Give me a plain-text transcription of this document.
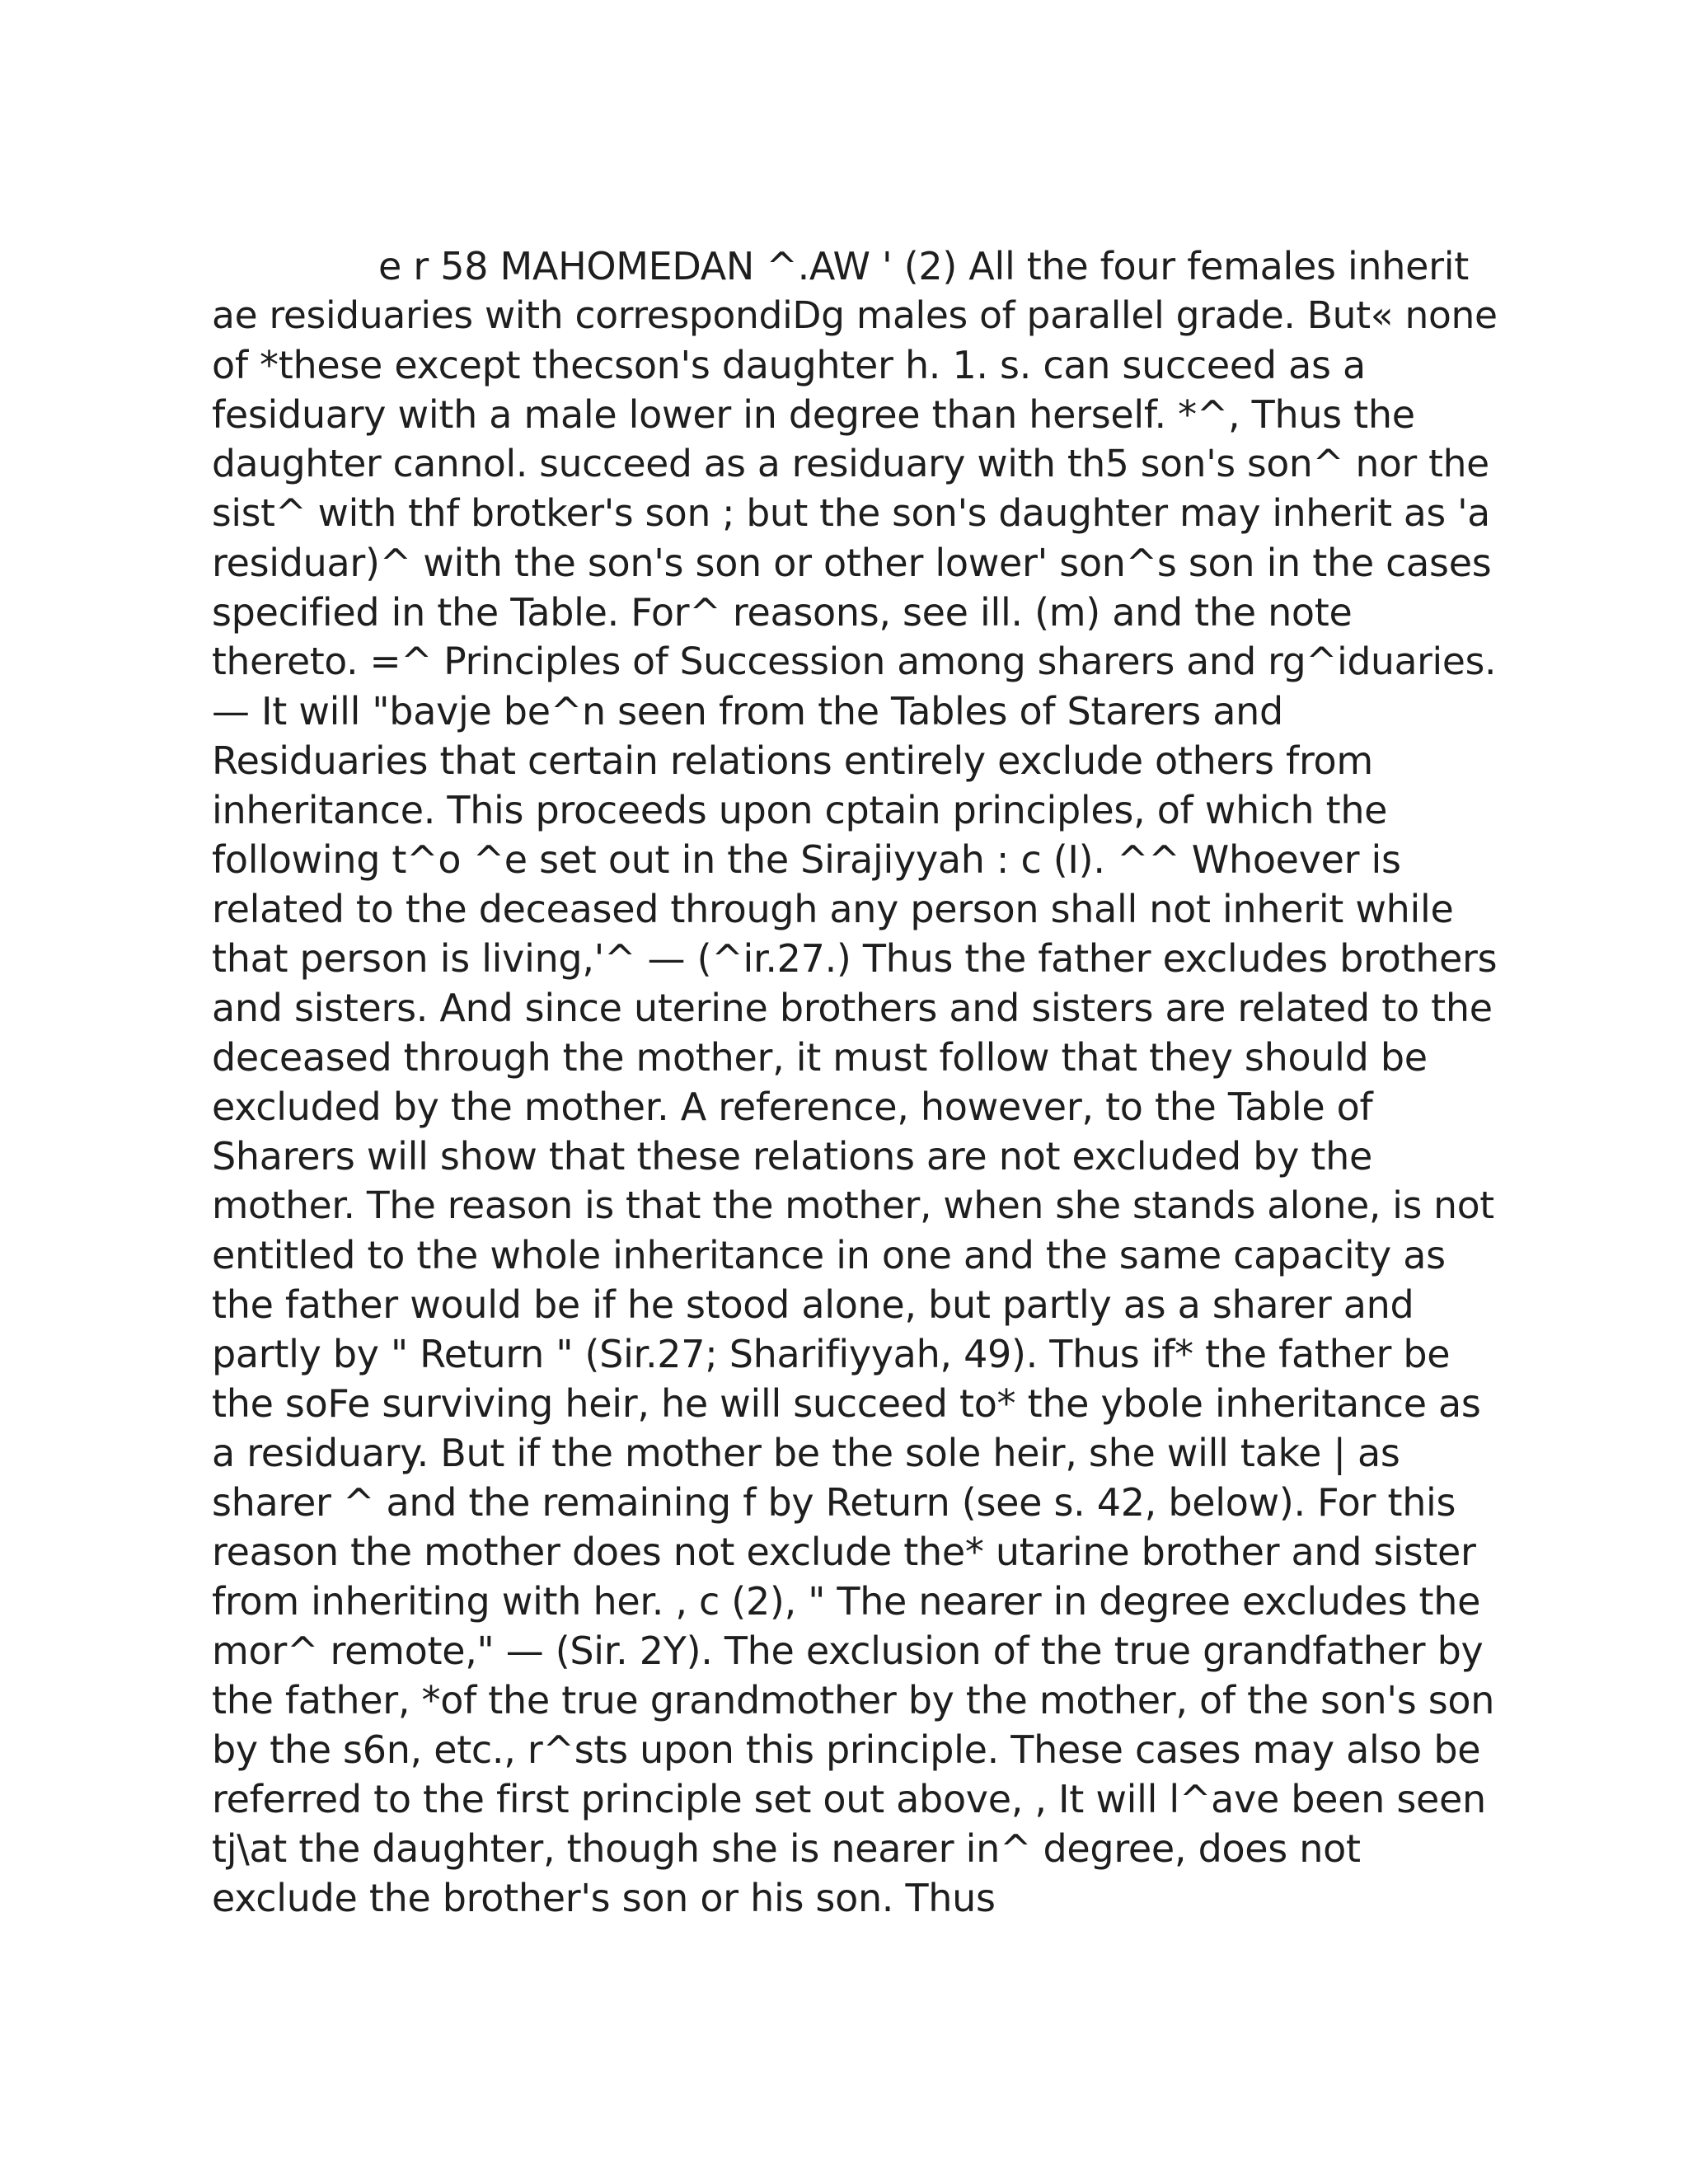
e r 58 MAHOMEDAN ^.AW ' (2) All the four females inherit
ae residuaries with correspondiDg males of parallel grade. But« none
of *these except thecson's daughter h. 1. s. can succeed as a
fesiduary with a male lower in degree than herself. *^, Thus the
daughter cannol. succeed as a residuary with th5 son's son^ nor the
sist^ with thf brotker's son ; but the son's daughter may inherit as 'a
residuar)^ with the son's son or other lower' son^s son in the cases
specified in the Table. For^ reasons, see ill. (m) and the note
thereto. =^ Principles of Succession among sharers and rg^iduaries.
— It will "bavje be^n seen from the Tables of Starers and
Residuaries that certain relations entirely exclude others from
inheritance. This proceeds upon cptain principles, of which the
following t^o ^e set out in the Sirajiyyah : c (I). ^^ Whoever is
related to the deceased through any person shall not inherit while
that person is living,'^ — (^ir.27.) Thus the father excludes brothers
and sisters. And since uterine brothers and sisters are related to the
deceased through the mother, it must follow that they should be
excluded by the mother. A reference, however, to the Table of
Sharers will show that these relations are not excluded by the
mother. The reason is that the mother, when she stands alone, is not
entitled to the whole inheritance in one and the same capacity as
the father would be if he stood alone, but partly as a sharer and
partly by " Return " (Sir.27; Sharifiyyah, 49). Thus if* the father be
the soFe surviving heir, he will succeed to* the ybole inheritance as
a residuary. But if the mother be the sole heir, she will take | as
sharer ^ and the remaining f by Return (see s. 42, below). For this
reason the mother does not exclude the* utarine brother and sister
from inheriting with her. , c (2), " The nearer in degree excludes the
mor^ remote," — (Sir. 2Y). The exclusion of the true grandfather by
the father, *of the true grandmother by the mother, of the son's son
by the s6n, etc., r^sts upon this principle. These cases may also be
referred to the first principle set out above, , It will l^ave been seen
tj\at the daughter, though she is nearer in^ degree, does not
exclude the brother's son or his son. Thus
